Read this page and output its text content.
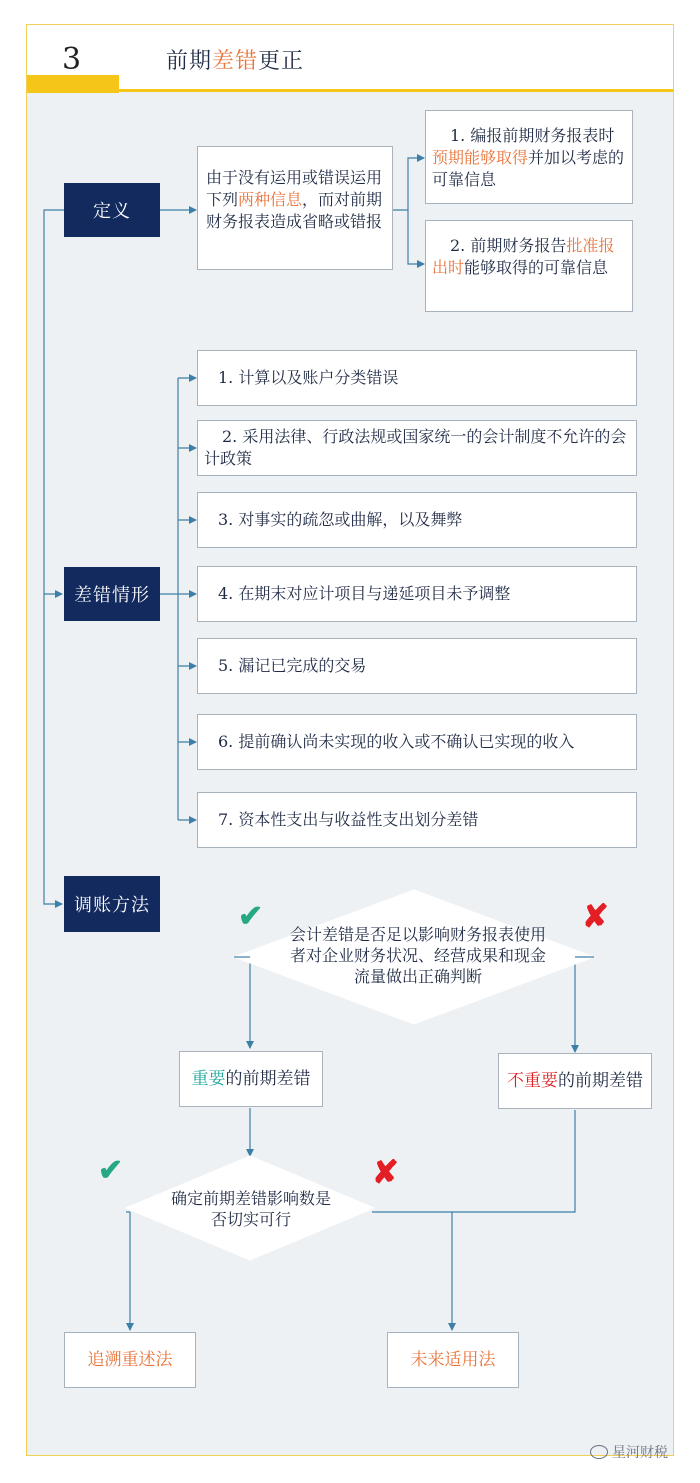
3	前期差错更正
定义
由于没有运用或错误运用下列两种信息，而对前期财务报表造成省略或错报
1. 编报前期财务报表时预期能够取得并加以考虑的可靠信息
2. 前期财务报告批准报出时能够取得的可靠信息
差错情形
1. 计算以及账户分类错误
2. 采用法律、行政法规或国家统一的会计制度不允许的会计政策
3. 对事实的疏忽或曲解，以及舞弊
4. 在期末对应计项目与递延项目未予调整
5. 漏记已完成的交易
6. 提前确认尚未实现的收入或不确认已实现的收入
7. 资本性支出与收益性支出划分差错
调账方法
会计差错是否足以影响财务报表使用者对企业财务状况、经营成果和现金流量做出正确判断
✔	✘
重要 的前期差错	不重要 的前期差错
确定前期差错影响数是否切实可行
✔	✘
追溯重述法	未来适用法
星河财税
